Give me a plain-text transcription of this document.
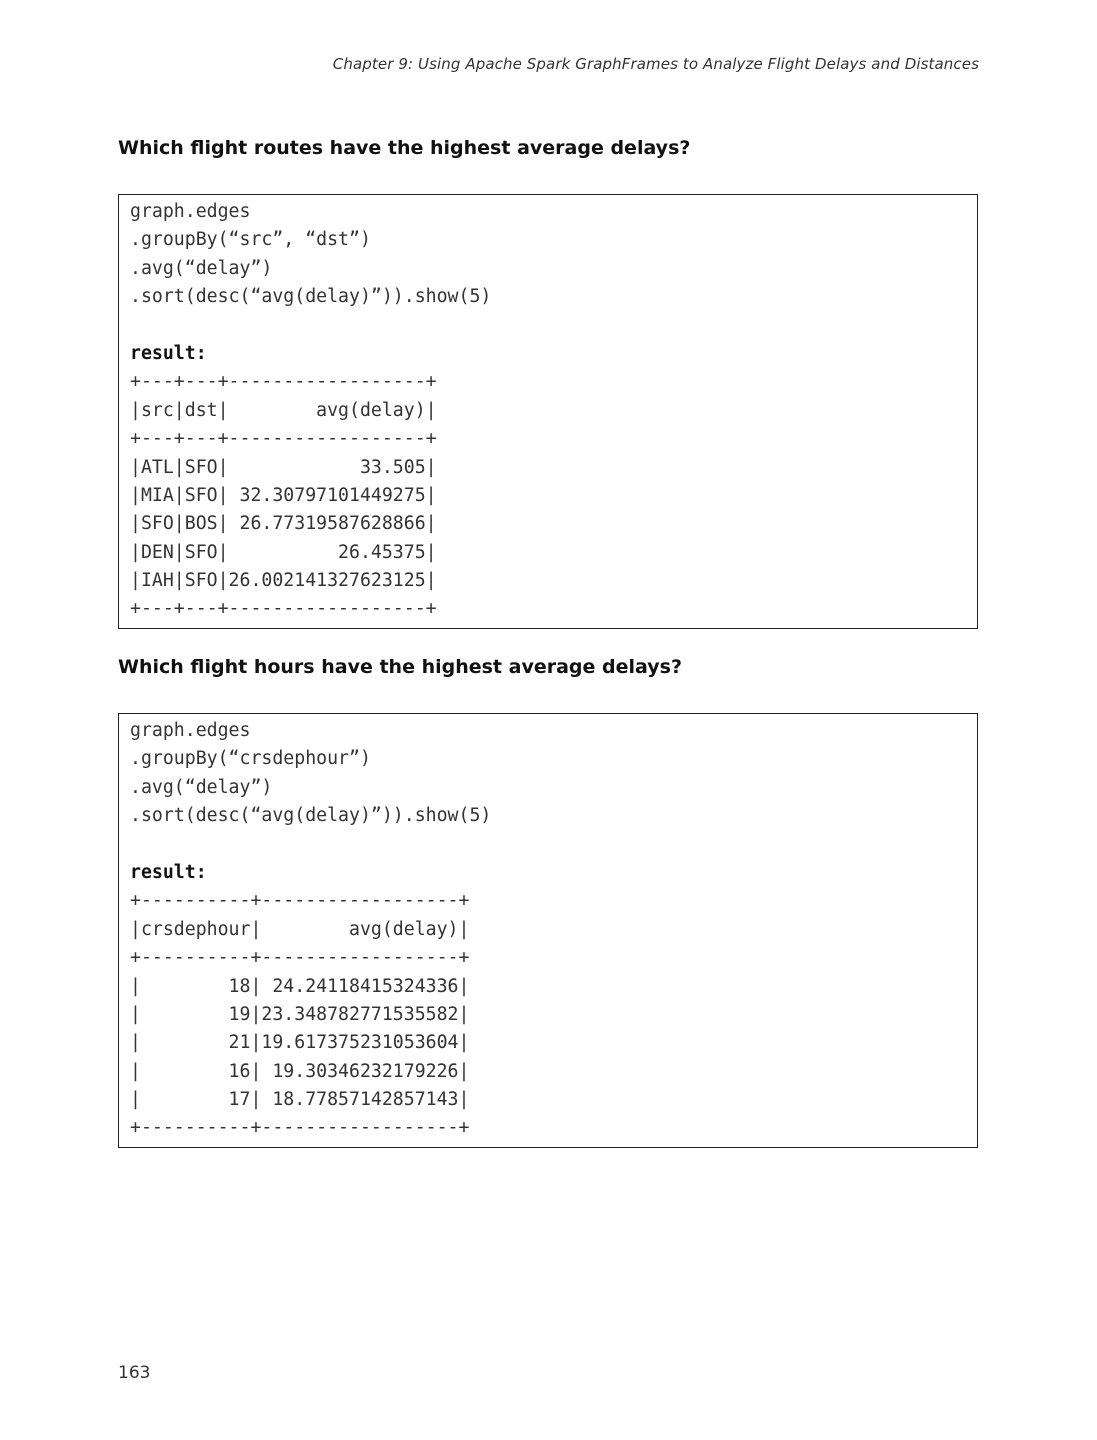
Chapter 9: Using Apache Spark GraphFrames to Analyze Flight Delays and Distances
Which flight routes have the highest average delays?
graph.edges
.groupBy(“src”, “dst”)
.avg(“delay”)
.sort(desc(“avg(delay)”)).show(5)
result:
+---+---+------------------+
|src|dst|        avg(delay)|
+---+---+------------------+
|ATL|SFO|            33.505|
|MIA|SFO| 32.30797101449275|
|SFO|BOS| 26.77319587628866|
|DEN|SFO|          26.45375|
|IAH|SFO|26.002141327623125|
+---+---+------------------+
Which flight hours have the highest average delays?
graph.edges
.groupBy(“crsdephour”)
.avg(“delay”)
.sort(desc(“avg(delay)”)).show(5)
result:
+----------+------------------+
|crsdephour|        avg(delay)|
+----------+------------------+
|        18| 24.24118415324336|
|        19|23.348782771535582|
|        21|19.617375231053604|
|        16| 19.30346232179226|
|        17| 18.77857142857143|
+----------+------------------+
163
